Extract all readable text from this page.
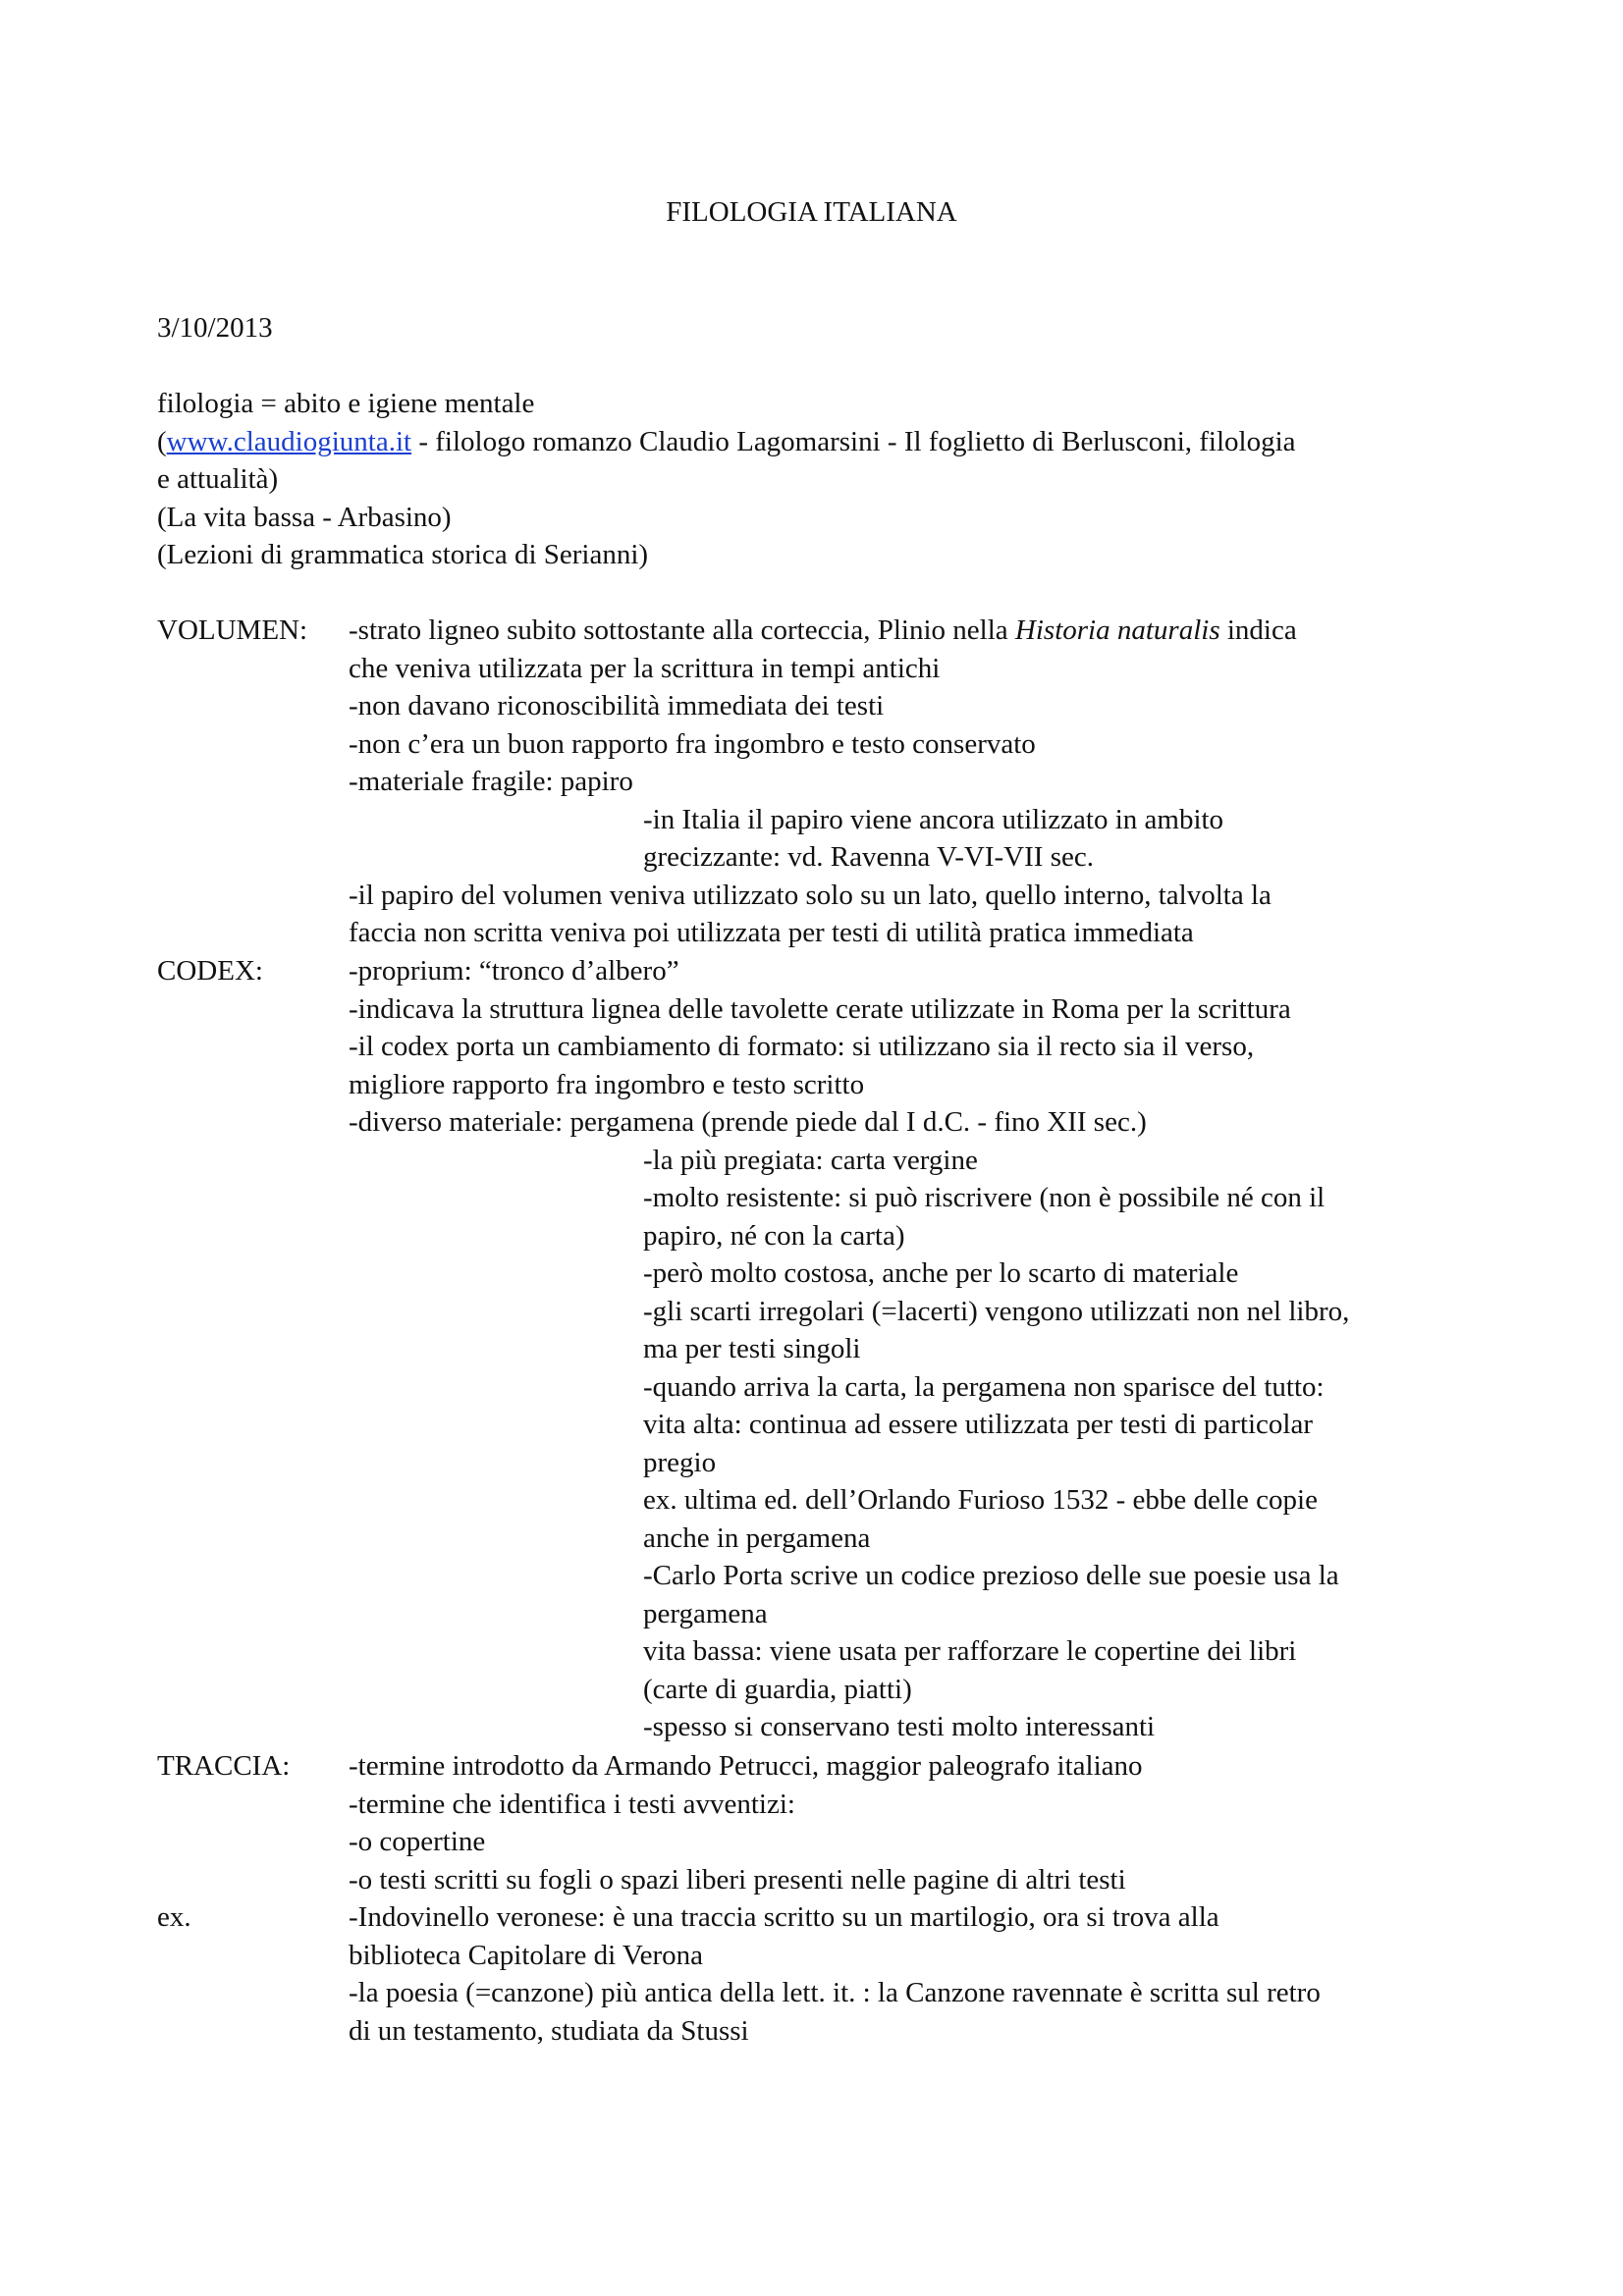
FILOLOGIA ITALIANA
3/10/2013
filologia = abito e igiene mentale
(www.claudiogiunta.it - filologo romanzo Claudio Lagomarsini - Il foglietto di Berlusconi, filologia
e attualità)
(La vita bassa - Arbasino)
(Lezioni di grammatica storica di Serianni)
VOLUMEN: -strato ligneo subito sottostante alla corteccia, Plinio nella Historia naturalis indica
che veniva utilizzata per la scrittura in tempi antichi
-non davano riconoscibilità immediata dei testi
-non c’era un buon rapporto fra ingombro e testo conservato
-materiale fragile: papiro
-in Italia il papiro viene ancora utilizzato in ambito
grecizzante: vd. Ravenna V-VI-VII sec.
-il papiro del volumen veniva utilizzato solo su un lato, quello interno, talvolta la
faccia non scritta veniva poi utilizzata per testi di utilità pratica immediata
CODEX:	-proprium: “tronco d’albero”
-indicava la struttura lignea delle tavolette cerate utilizzate in Roma per la scrittura
-il codex porta un cambiamento di formato: si utilizzano sia il recto sia il verso,
migliore rapporto fra ingombro e testo scritto
-diverso materiale: pergamena (prende piede dal I d.C. - fino XII sec.)
-la più pregiata: carta vergine
-molto resistente: si può riscrivere (non è possibile né con il
papiro, né con la carta)
-però molto costosa, anche per lo scarto di materiale
-gli scarti irregolari (=lacerti) vengono utilizzati non nel libro,
ma per testi singoli
-quando arriva la carta, la pergamena non sparisce del tutto:
vita alta: continua ad essere utilizzata per testi di particolar
pregio
ex. ultima ed. dell’Orlando Furioso 1532 - ebbe delle copie
anche in pergamena
-Carlo Porta scrive un codice prezioso delle sue poesie usa la
pergamena
vita bassa: viene usata per rafforzare le copertine dei libri
(carte di guardia, piatti)
-spesso si conservano testi molto interessanti
TRACCIA: -termine introdotto da Armando Petrucci, maggior paleografo italiano
-termine che identifica i testi avventizi:
-o copertine
-o testi scritti su fogli o spazi liberi presenti nelle pagine di altri testi
ex.	-Indovinello veronese: è una traccia scritto su un martilogio, ora si trova alla
biblioteca Capitolare di Verona
-la poesia (=canzone) più antica della lett. it. : la Canzone ravennate è scritta sul retro
di un testamento, studiata da Stussi
